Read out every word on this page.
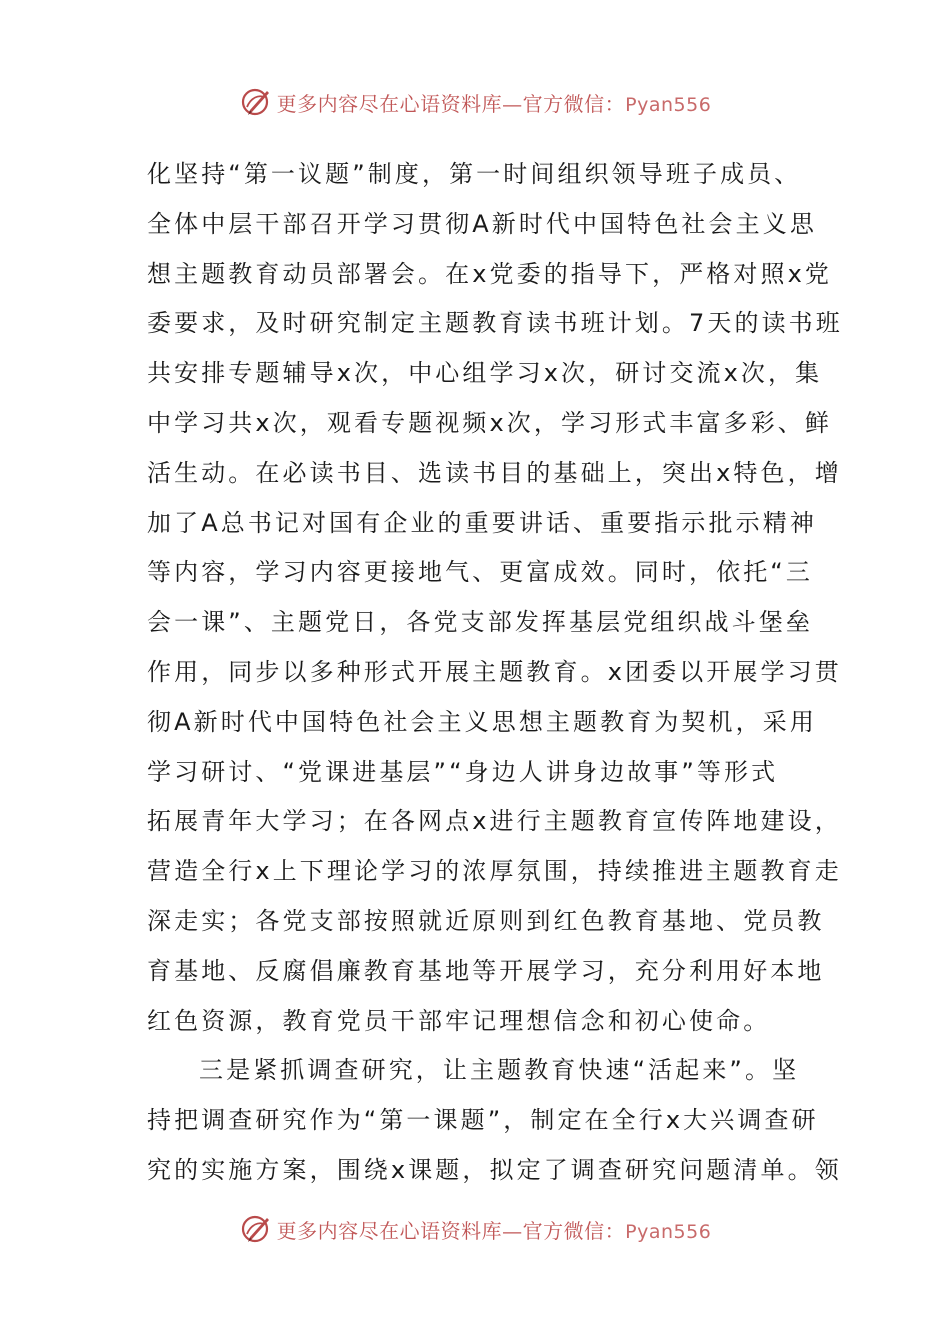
更多内容尽在心语资料库—官方微信：Pyan556
化坚持“第一议题”制度，第一时间组织领导班子成员、
全体中层干部召开学习贯彻A新时代中国特色社会主义思
想主题教育动员部署会。在x党委的指导下，严格对照x党
委要求，及时研究制定主题教育读书班计划。7天的读书班
共安排专题辅导x次，中心组学习x次，研讨交流x次，集
中学习共x次，观看专题视频x次，学习形式丰富多彩、鲜
活生动。在必读书目、选读书目的基础上，突出x特色，增
加了A总书记对国有企业的重要讲话、重要指示批示精神
等内容，学习内容更接地气、更富成效。同时，依托“三
会一课”、主题党日，各党支部发挥基层党组织战斗堡垒
作用，同步以多种形式开展主题教育。x团委以开展学习贯
彻A新时代中国特色社会主义思想主题教育为契机，采用
学习研讨、“党课进基层”“身边人讲身边故事”等形式
拓展青年大学习；在各网点x进行主题教育宣传阵地建设，
营造全行x上下理论学习的浓厚氛围，持续推进主题教育走
深走实；各党支部按照就近原则到红色教育基地、党员教
育基地、反腐倡廉教育基地等开展学习，充分利用好本地
红色资源，教育党员干部牢记理想信念和初心使命。
三是紧抓调查研究，让主题教育快速“活起来”。坚
持把调查研究作为“第一课题”，制定在全行x大兴调查研
究的实施方案，围绕x课题，拟定了调查研究问题清单。领
更多内容尽在心语资料库—官方微信：Pyan556
